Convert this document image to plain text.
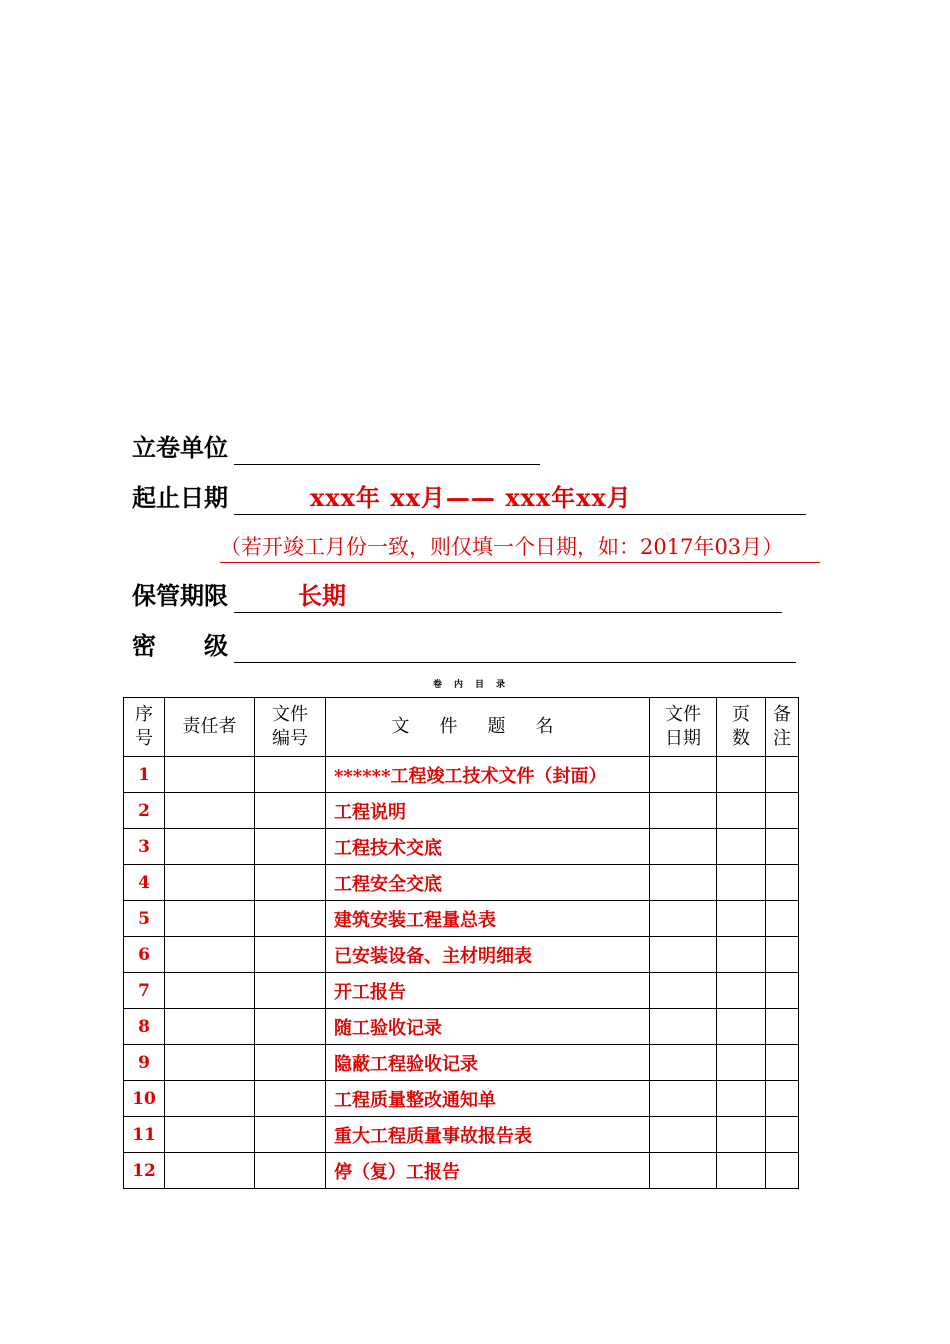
立卷单位
起止日期	xxx年 xx月—— xxx年xx月
（若开竣工月份一致，则仅填一个日期，如：2017年03月）
保管期限	长期
密级
卷内目录
序号	责任者	文件编号	文件题名	文件日期	页数	备注

1			******工程竣工技术文件（封面）			
2			工程说明			
3			工程技术交底			
4			工程安全交底			
5			建筑安装工程量总表			
6			已安装设备、主材明细表			
7			开工报告			
8			随工验收记录			
9			隐蔽工程验收记录			
10			工程质量整改通知单			
11			重大工程质量事故报告表			
12			停（复）工报告			
